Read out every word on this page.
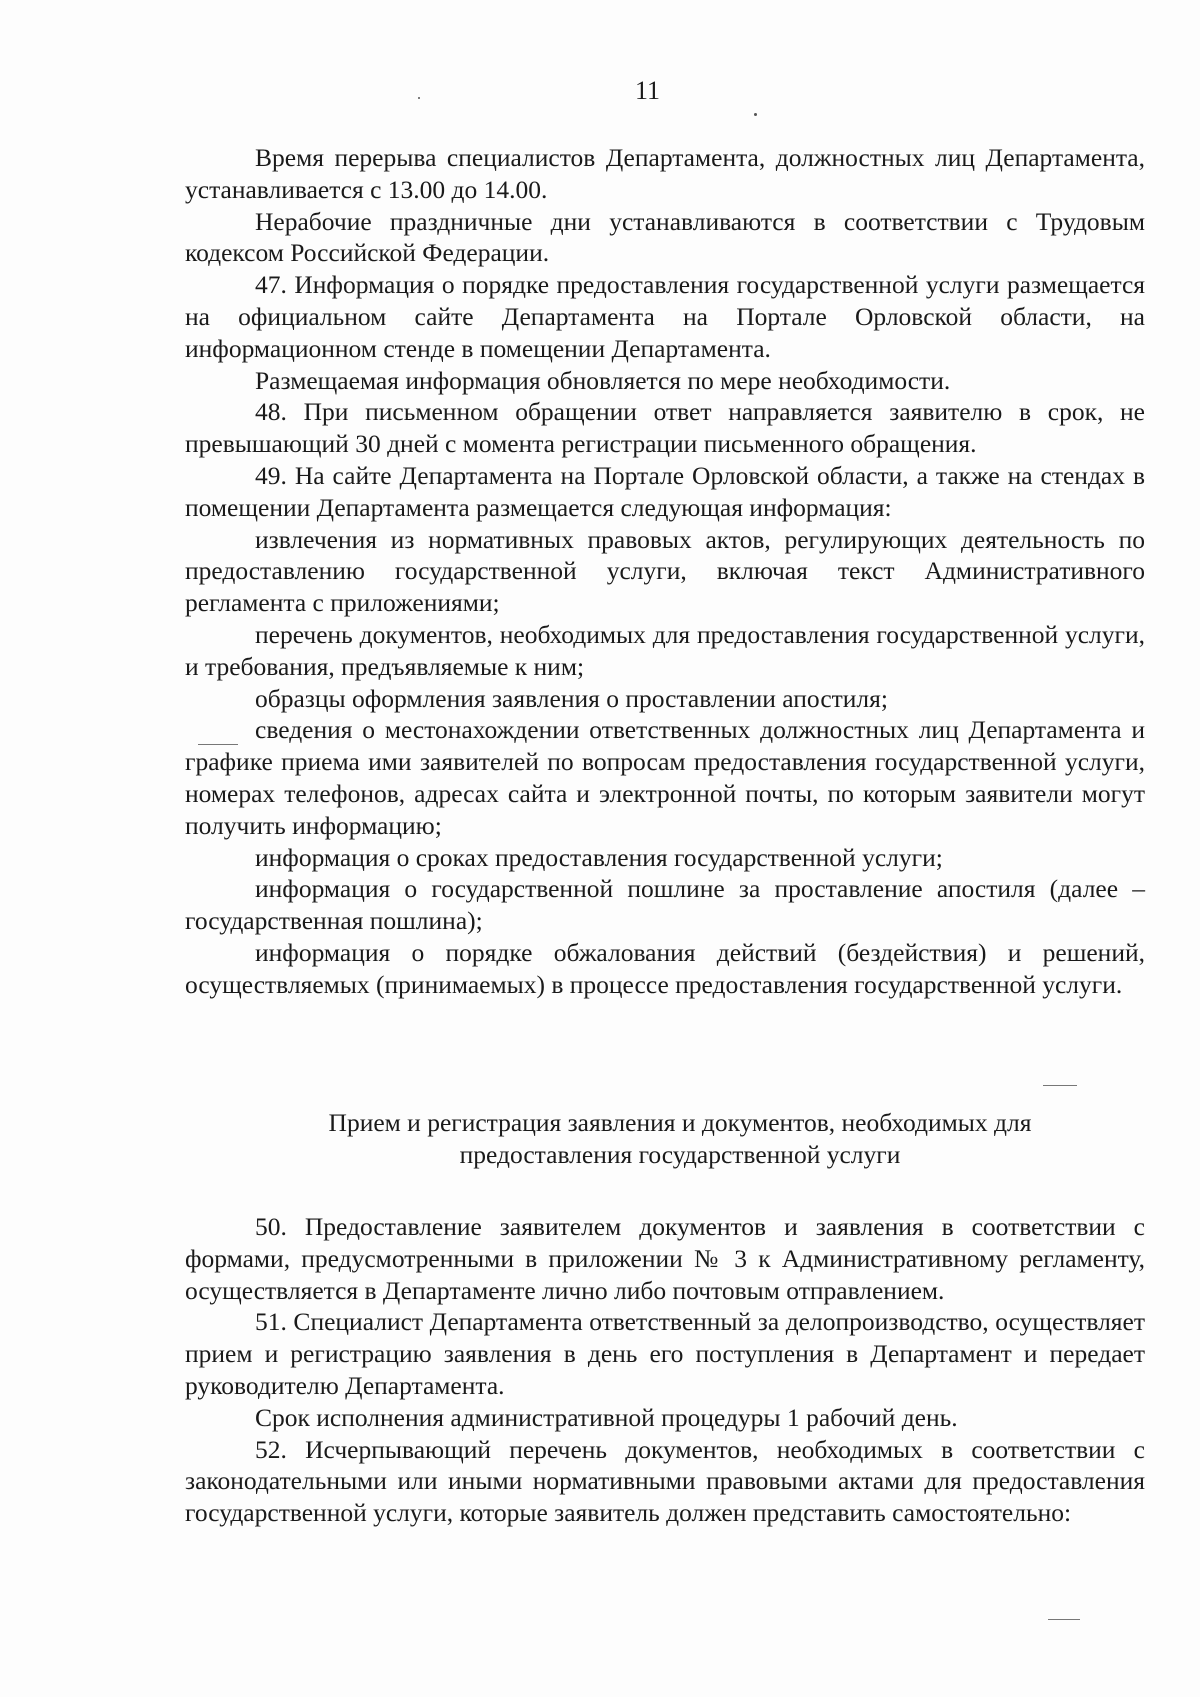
11

Время перерыва специалистов Департамента, должностных лиц Департамента, устанавливается с 13.00 до 14.00.

Нерабочие праздничные дни устанавливаются в соответствии с Трудовым кодексом Российской Федерации.

47. Информация о порядке предоставления государственной услуги размещается на официальном сайте Департамента на Портале Орловской области, на информационном стенде в помещении Департамента.

Размещаемая информация обновляется по мере необходимости.

48. При письменном обращении ответ направляется заявителю в срок, не превышающий 30 дней с момента регистрации письменного обращения.

49. На сайте Департамента на Портале Орловской области, а также на стендах в помещении Департамента размещается следующая информация:

извлечения из нормативных правовых актов, регулирующих деятельность по предоставлению государственной услуги, включая текст Административного регламента с приложениями;

перечень документов, необходимых для предоставления государственной услуги, и требования, предъявляемые к ним;

образцы оформления заявления о проставлении апостиля;

сведения о местонахождении ответственных должностных лиц Департамента и графике приема ими заявителей по вопросам предоставления государственной услуги, номерах телефонов, адресах сайта и электронной почты, по которым заявители могут получить информацию;

информация о сроках предоставления государственной услуги;

информация о государственной пошлине за проставление апостиля (далее – государственная пошлина);

информация о порядке обжалования действий (бездействия) и решений, осуществляемых (принимаемых) в процессе предоставления государственной услуги.

Прием и регистрация заявления и документов, необходимых для
предоставления государственной услуги

50. Предоставление заявителем документов и заявления в соответствии с формами, предусмотренными в приложении № 3 к Административному регламенту, осуществляется в Департаменте лично либо почтовым отправлением.

51. Специалист Департамента ответственный за делопроизводство, осуществляет прием и регистрацию заявления в день его поступления в Департамент и передает руководителю Департамента.

Срок исполнения административной процедуры 1 рабочий день.

52. Исчерпывающий перечень документов, необходимых в соответствии с законодательными или иными нормативными правовыми актами для предоставления государственной услуги, которые заявитель должен представить самостоятельно:
